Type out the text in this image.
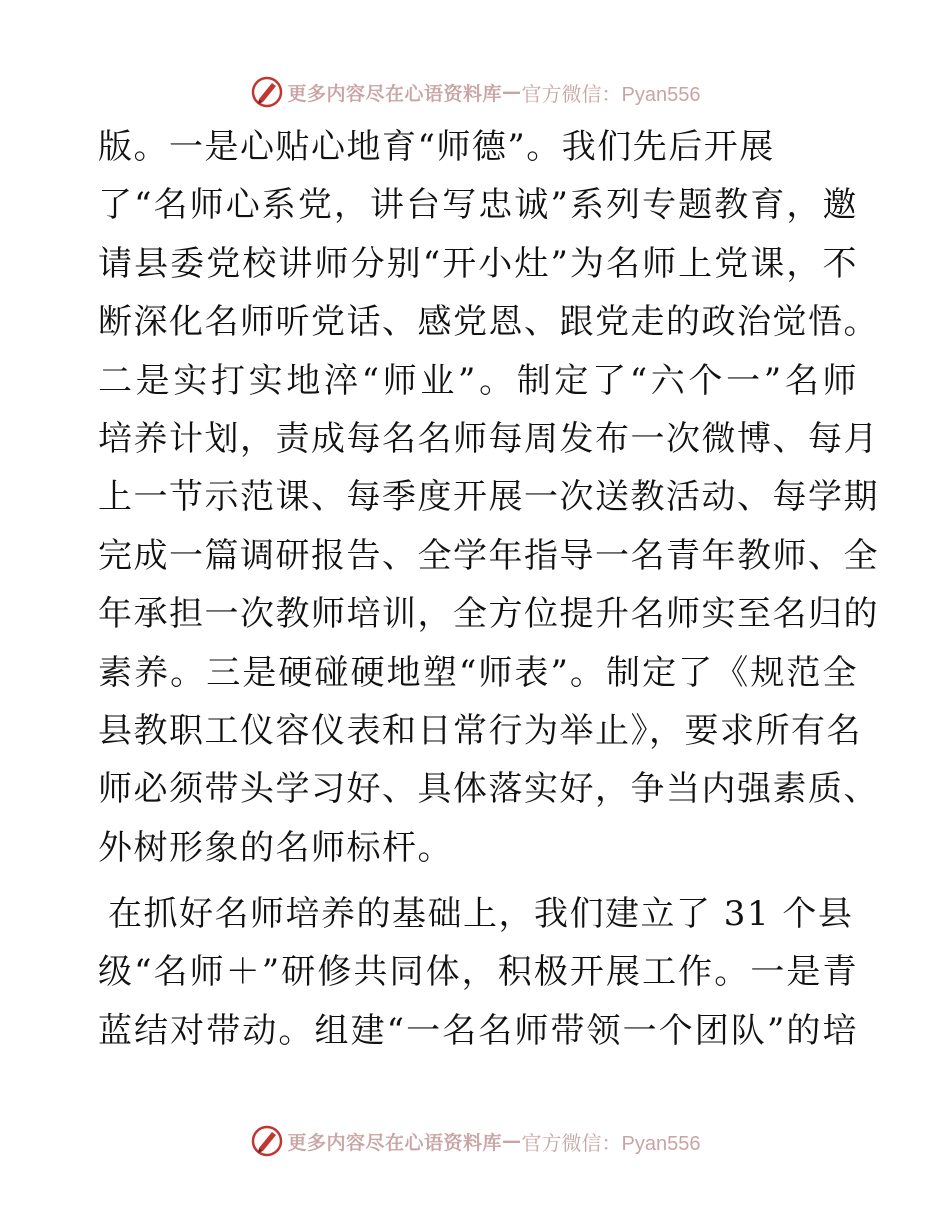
更多内容尽在心语资料库 — 官方微信：Pyan556
版。一是心贴心地育“师德”。我们先后开展
了“名师心系党，讲台写忠诚”系列专题教育，邀
请县委党校讲师分别“开小灶”为名师上党课，不
断深化名师听党话、感党恩、跟党走的政治觉悟。
二是实打实地淬“师业”。制定了“六个一”名师
培养计划，责成每名名师每周发布一次微博、每月
上一节示范课、每季度开展一次送教活动、每学期
完成一篇调研报告、全学年指导一名青年教师、全
年承担一次教师培训，全方位提升名师实至名归的
素养。三是硬碰硬地塑“师表”。制定了《规范全
县教职工仪容仪表和日常行为举止》，要求所有名
师必须带头学习好、具体落实好，争当内强素质、
外树形象的名师标杆。
在抓好名师培养的基础上，我们建立了 31 个县
级“名师＋”研修共同体，积极开展工作。一是青
蓝结对带动。组建“一名名师带领一个团队”的培
更多内容尽在心语资料库 — 官方微信：Pyan556
